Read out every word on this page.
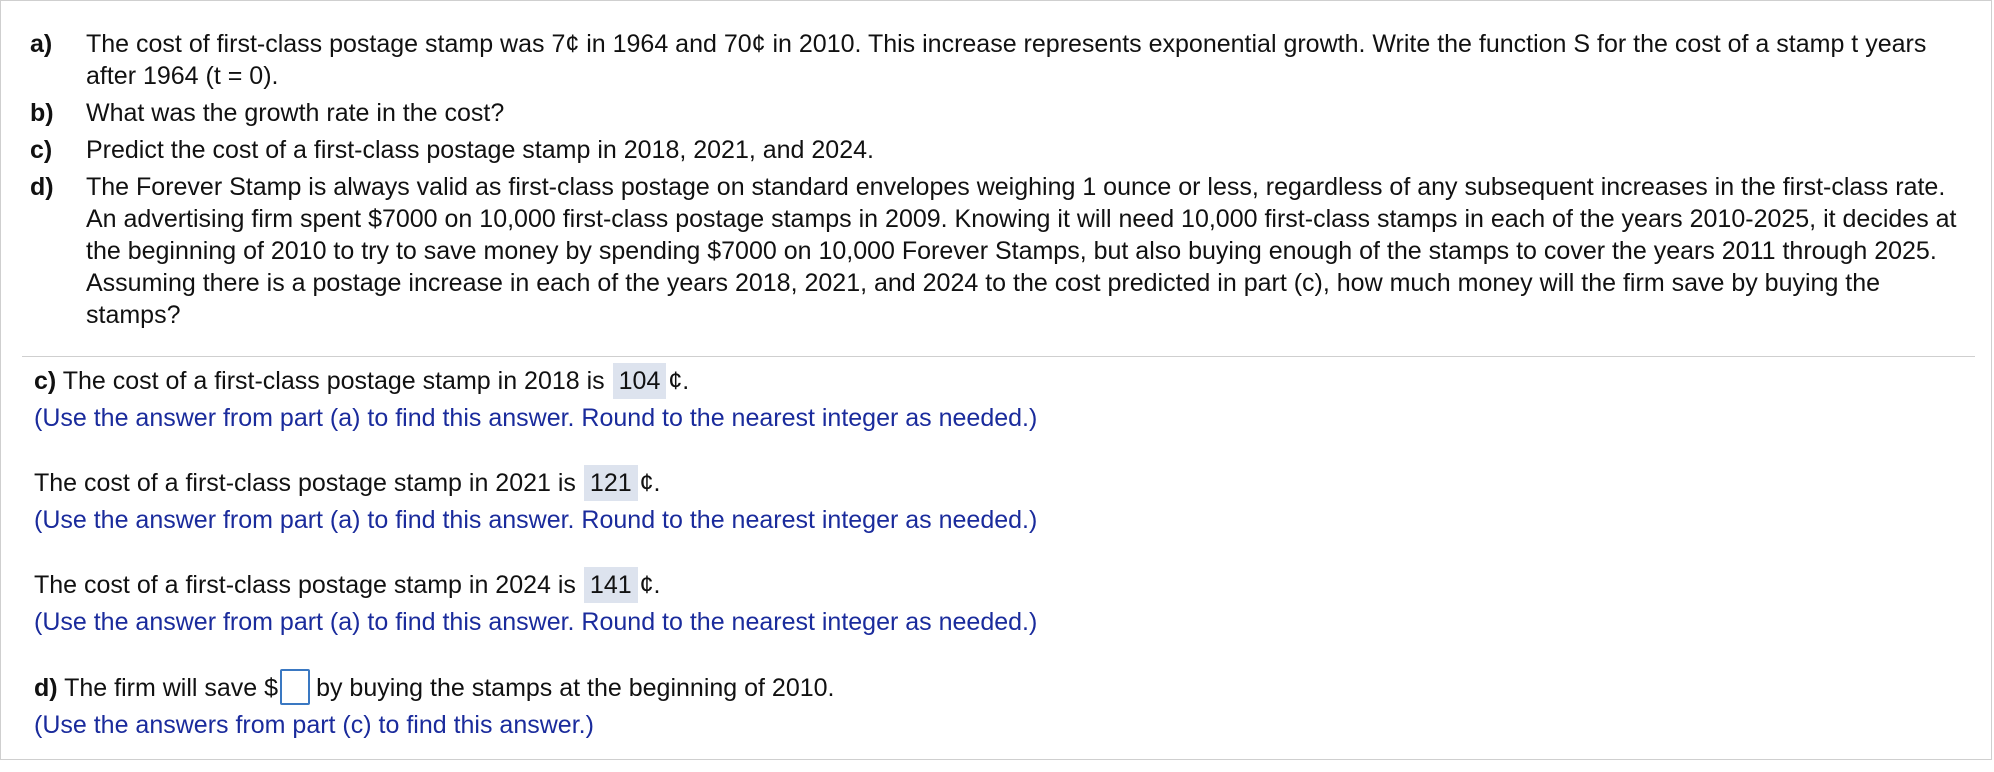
a)	The cost of first-class postage stamp was 7¢ in 1964 and 70¢ in 2010. This increase represents exponential growth. Write the function S for the cost of a stamp t years after 1964 (t = 0).
b)	What was the growth rate in the cost?
c)	Predict the cost of a first-class postage stamp in 2018, 2021, and 2024.
d)	The Forever Stamp is always valid as first-class postage on standard envelopes weighing 1 ounce or less, regardless of any subsequent increases in the first-class rate. An advertising firm spent $7000 on 10,000 first-class postage stamps in 2009. Knowing it will need 10,000 first-class stamps in each of the years 2010-2025, it decides at the beginning of 2010 to try to save money by spending $7000 on 10,000 Forever Stamps, but also buying enough of the stamps to cover the years 2011 through 2025. Assuming there is a postage increase in each of the years 2018, 2021, and 2024 to the cost predicted in part (c), how much money will the firm save by buying the stamps?
c) The cost of a first-class postage stamp in 2018 is 104 ¢.
(Use the answer from part (a) to find this answer. Round to the nearest integer as needed.)
The cost of a first-class postage stamp in 2021 is 121 ¢.
(Use the answer from part (a) to find this answer. Round to the nearest integer as needed.)
The cost of a first-class postage stamp in 2024 is 141 ¢.
(Use the answer from part (a) to find this answer. Round to the nearest integer as needed.)
d) The firm will save $ by buying the stamps at the beginning of 2010.
(Use the answers from part (c) to find this answer.)
